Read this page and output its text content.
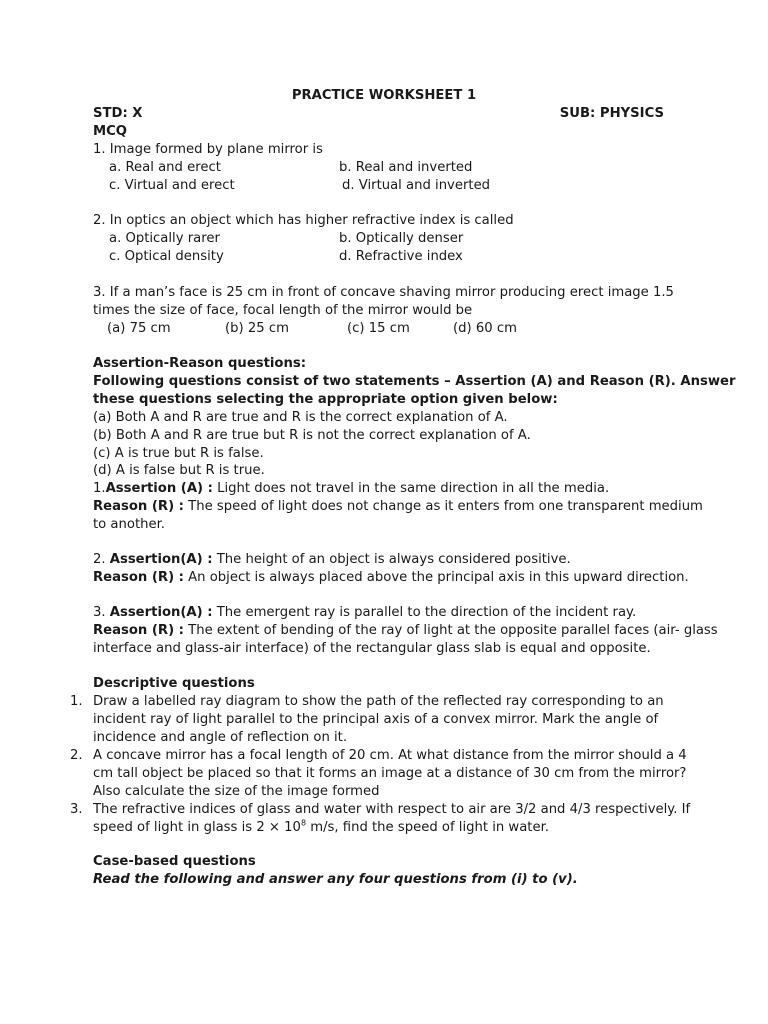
PRACTICE WORKSHEET 1
STD: X	SUB: PHYSICS
MCQ
1. Image formed by plane mirror is
a. Real and erect	b. Real and inverted
c. Virtual and erect	d. Virtual and inverted
2. In optics an object which has higher refractive index is called
a. Optically rarer	b. Optically denser
c. Optical density	d. Refractive index
3. If a man’s face is 25 cm in front of concave shaving mirror producing erect image 1.5
times the size of face, focal length of the mirror would be
(a) 75 cm	(b) 25 cm	(c) 15 cm	(d) 60 cm
Assertion-Reason questions:
Following questions consist of two statements – Assertion (A) and Reason (R). Answer
these questions selecting the appropriate option given below:
(a) Both A and R are true and R is the correct explanation of A.
(b) Both A and R are true but R is not the correct explanation of A.
(c) A is true but R is false.
(d) A is false but R is true.
1.Assertion (A) : Light does not travel in the same direction in all the media.
Reason (R) : The speed of light does not change as it enters from one transparent medium
to another.
2. Assertion(A) : The height of an object is always considered positive.
Reason (R) : An object is always placed above the principal axis in this upward direction.
3. Assertion(A) : The emergent ray is parallel to the direction of the incident ray.
Reason (R) : The extent of bending of the ray of light at the opposite parallel faces (air- glass
interface and glass-air interface) of the rectangular glass slab is equal and opposite.
Descriptive questions
1. Draw a labelled ray diagram to show the path of the reflected ray corresponding to an
incident ray of light parallel to the principal axis of a convex mirror. Mark the angle of
incidence and angle of reflection on it.
2. A concave mirror has a focal length of 20 cm. At what distance from the mirror should a 4
cm tall object be placed so that it forms an image at a distance of 30 cm from the mirror?
Also calculate the size of the image formed
3. The refractive indices of glass and water with respect to air are 3/2 and 4/3 respectively. If
speed of light in glass is $2 \times 10^8$ m/s, find the speed of light in water.
Case-based questions
Read the following and answer any four questions from (i) to (v).
